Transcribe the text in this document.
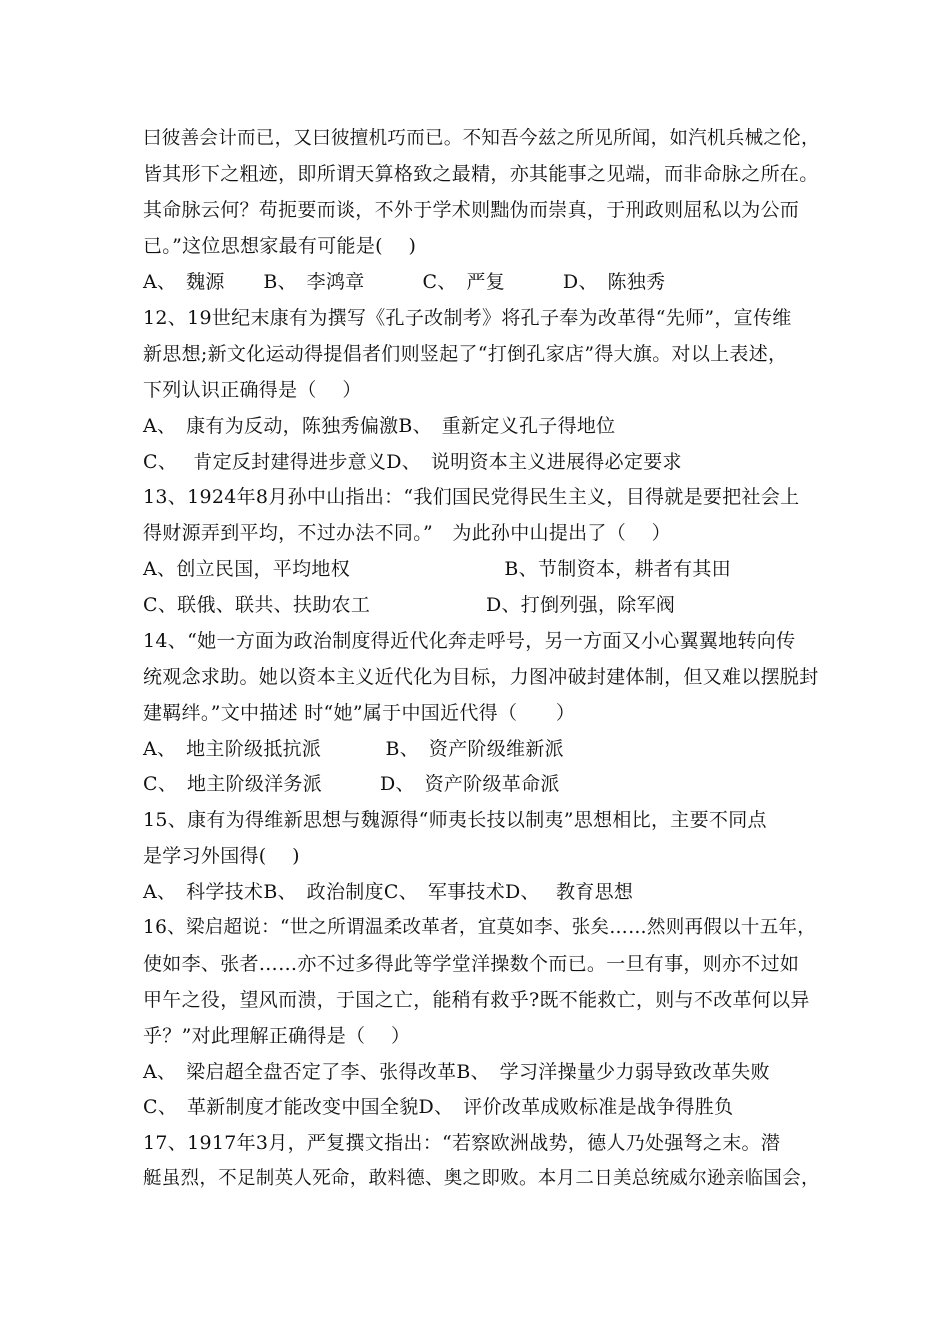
曰彼善会计而已，又曰彼擅机巧而已。不知吾今兹之所见所闻，如汽机兵械之伦，
皆其形下之粗迹，即所谓天算格致之最精，亦其能事之见端，而非命脉之所在。
其命脉云何？苟扼要而谈，不外于学术则黜伪而崇真，于刑政则屈私以为公而
已。”这位思想家最有可能是(　 )
A、　魏源　　B、　李鸿章　　　C、　严复　　　D、　陈独秀
12、19世纪末康有为撰写《孔子改制考》将孔子奉为改革得“先师”，宣传维
新思想;新文化运动得提倡者们则竖起了“打倒孔家店”得大旗。对以上表述，
下列认识正确得是（　 ）
A、　康有为反动，陈独秀偏激B、　重新定义孔子得地位
C、　 肯定反封建得进步意义D、　说明资本主义进展得必定要求
13、1924年8月孙中山指出：“我们国民党得民生主义，目得就是要把社会上
得财源弄到平均，不过办法不同。”　为此孙中山提出了（　 ）
A、创立民国，平均地权　　　　　　　　B、节制资本，耕者有其田
C、联俄、联共、扶助农工　　　　　　D、打倒列强，除军阀
14、“她一方面为政治制度得近代化奔走呼号，另一方面又小心翼翼地转向传
统观念求助。她以资本主义近代化为目标，力图冲破封建体制，但又难以摆脱封
建羁绊。”文中描述 时“她”属于中国近代得（　　）
A、　地主阶级抵抗派　　　 B、　资产阶级维新派
C、　地主阶级洋务派　　　D、　资产阶级革命派
15、康有为得维新思想与魏源得“师夷长技以制夷”思想相比，主要不同点
是学习外国得(　 )
A、　科学技术B、　政治制度C、　军事技术D、　 教育思想
16、梁启超说：“世之所谓温柔改革者，宜莫如李、张矣……然则再假以十五年，
使如李、张者……亦不过多得此等学堂洋操数个而已。一旦有事，则亦不过如
甲午之役，望风而溃，于国之亡，能稍有救乎?既不能救亡，则与不改革何以异
乎？”对此理解正确得是（　 ）
A、　梁启超全盘否定了李、张得改革B、　学习洋操量少力弱导致改革失败
C、　革新制度才能改变中国全貌D、　评价改革成败标准是战争得胜负
17、1917年3月，严复撰文指出：“若察欧洲战势，德人乃处强弩之末。潜
艇虽烈，不足制英人死命，敢料德、奥之即败。本月二日美总统威尔逊亲临国会，
